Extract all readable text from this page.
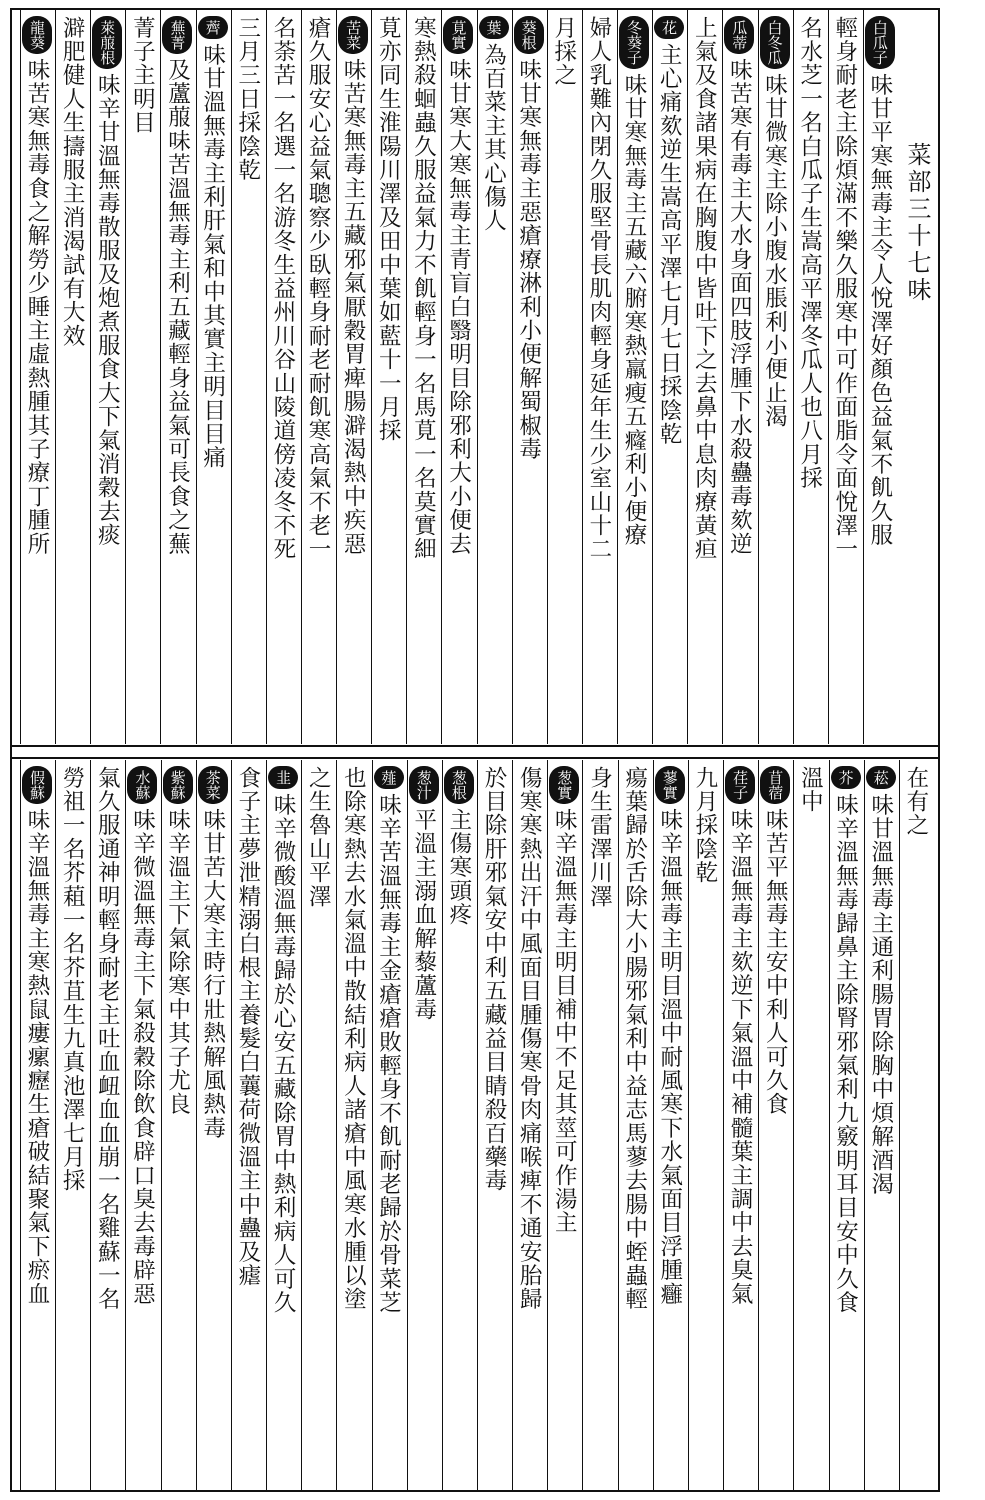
菜部三十七味
白瓜子味甘平寒無毒主令人悅澤好顏色益氣不飢久服
輕身耐老主除煩滿不樂久服寒中可作面脂令面悅澤一
名水芝一名白瓜子生嵩高平澤冬瓜人也八月採
白冬瓜味甘微寒主除小腹水脹利小便止渴
瓜蒂味苦寒有毒主大水身面四肢浮腫下水殺蠱毒欬逆
上氣及食諸果病在胸腹中皆吐下之去鼻中息肉療黃疸
花主心痛欬逆生嵩高平澤七月七日採陰乾
冬葵子味甘寒無毒主五藏六腑寒熱羸瘦五癃利小便療
婦人乳難內閉久服堅骨長肌肉輕身延年生少室山十二
月採之
葵根味甘寒無毒主惡瘡療淋利小便解蜀椒毒
葉為百菜主其心傷人
莧實味甘寒大寒無毒主青盲白翳明目除邪利大小便去
寒熱殺蛔蟲久服益氣力不飢輕身一名馬莧一名莫實細
莧亦同生淮陽川澤及田中葉如藍十一月採
苦菜味苦寒無毒主五藏邪氣厭穀胃痺腸澼渴熱中疾惡
瘡久服安心益氣聰察少臥輕身耐老耐飢寒高氣不老一
名荼苦一名選一名游冬生益州川谷山陵道傍凌冬不死
三月三日採陰乾
薺味甘溫無毒主利肝氣和中其實主明目目痛
蕪菁及蘆菔味苦溫無毒主利五藏輕身益氣可長食之蕪
菁子主明目
萊菔根味辛甘溫無毒散服及炮煮服食大下氣消穀去痰
澼肥健人生擣服主消渴試有大效
龍葵味苦寒無毒食之解勞少睡主虛熱腫其子療丁腫所
在有之
菘味甘溫無毒主通利腸胃除胸中煩解酒渴
芥味辛溫無毒歸鼻主除腎邪氣利九竅明耳目安中久食
溫中
苜蓿味苦平無毒主安中利人可久食
荏子味辛溫無毒主欬逆下氣溫中補髓葉主調中去臭氣
九月採陰乾
蓼實味辛溫無毒主明目溫中耐風寒下水氣面目浮腫癰
瘍葉歸於舌除大小腸邪氣利中益志馬蓼去腸中蛭蟲輕
身生雷澤川澤
葱實味辛溫無毒主明目補中不足其莖可作湯主
傷寒寒熱出汗中風面目腫傷寒骨肉痛喉痺不通安胎歸
於目除肝邪氣安中利五藏益目睛殺百藥毒
葱根主傷寒頭疼
葱汁平溫主溺血解藜蘆毒
薤味辛苦溫無毒主金瘡瘡敗輕身不飢耐老歸於骨菜芝
也除寒熱去水氣溫中散結利病人諸瘡中風寒水腫以塗
之生魯山平澤
韭味辛微酸溫無毒歸於心安五藏除胃中熱利病人可久
食子主夢泄精溺白根主養髮白蘘荷微溫主中蠱及瘧
茶菜味甘苦大寒主時行壯熱解風熱毒
紫蘇味辛溫主下氣除寒中其子尤良
水蘇味辛微溫無毒主下氣殺穀除飲食辟口臭去毒辟惡
氣久服通神明輕身耐老主吐血衄血血崩一名雞蘇一名
勞祖一名芥蒩一名芥苴生九真池澤七月採
假蘇味辛溫無毒主寒熱鼠瘻瘰癧生瘡破結聚氣下瘀血
